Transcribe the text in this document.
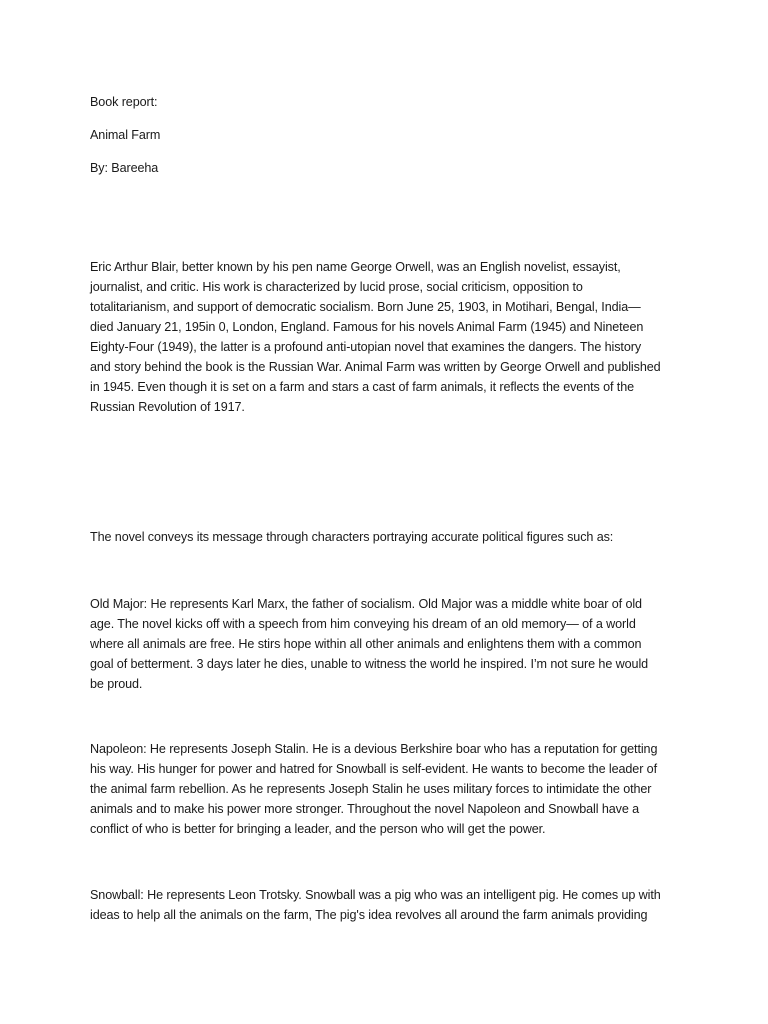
Book report:
Animal Farm
By: Bareeha

Eric Arthur Blair, better known by his pen name George Orwell, was an English novelist, essayist,

journalist, and critic. His work is characterized by lucid prose, social criticism, opposition to

totalitarianism, and support of democratic socialism. Born June 25, 1903, in Motihari, Bengal, India—

died January 21, 195in 0, London, England. Famous for his novels Animal Farm (1945) and Nineteen

Eighty-Four (1949), the latter is a profound anti-utopian novel that examines the dangers. The history

and story behind the book is the Russian War. Animal Farm was written by George Orwell and published

in 1945. Even though it is set on a farm and stars a cast of farm animals, it reflects the events of the

Russian Revolution of 1917.

The novel conveys its message through characters portraying accurate political figures such as:

Old Major: He represents Karl Marx, the father of socialism. Old Major was a middle white boar of old

age. The novel kicks off with a speech from him conveying his dream of an old memory— of a world

where all animals are free. He stirs hope within all other animals and enlightens them with a common

goal of betterment. 3 days later he dies, unable to witness the world he inspired. I’m not sure he would

be proud.

Napoleon: He represents Joseph Stalin. He is a devious Berkshire boar who has a reputation for getting

his way. His hunger for power and hatred for Snowball is self-evident. He wants to become the leader of

the animal farm rebellion. As he represents Joseph Stalin he uses military forces to intimidate the other

animals and to make his power more stronger. Throughout the novel Napoleon and Snowball have a

conflict of who is better for bringing a leader, and the person who will get the power.

Snowball: He represents Leon Trotsky. Snowball was a pig who was an intelligent pig. He comes up with

ideas to help all the animals on the farm, The pig's idea revolves all around the farm animals providing
